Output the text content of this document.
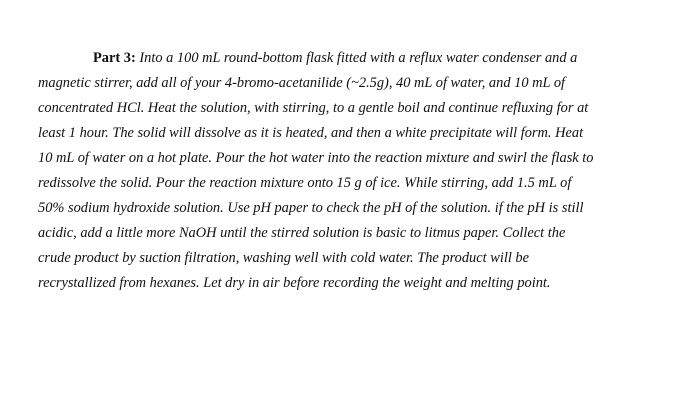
Part 3: Into a 100 mL round-bottom flask fitted with a reflux water condenser and a
magnetic stirrer, add all of your 4-bromo-acetanilide (~2.5g), 40 mL of water, and 10 mL of
concentrated HCl. Heat the solution, with stirring, to a gentle boil and continue refluxing for at
least 1 hour. The solid will dissolve as it is heated, and then a white precipitate will form. Heat
10 mL of water on a hot plate. Pour the hot water into the reaction mixture and swirl the flask to
redissolve the solid. Pour the reaction mixture onto 15 g of ice. While stirring, add 1.5 mL of
50% sodium hydroxide solution. Use pH paper to check the pH of the solution. if the pH is still
acidic, add a little more NaOH until the stirred solution is basic to litmus paper. Collect the
crude product by suction filtration, washing well with cold water. The product will be
recrystallized from hexanes. Let dry in air before recording the weight and melting point.
